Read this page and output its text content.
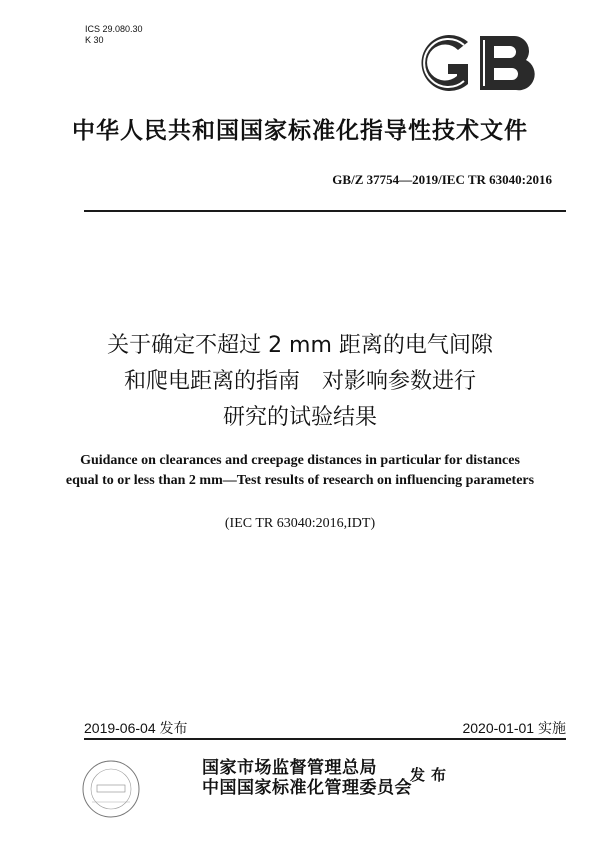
ICS 29.080.30
K 30
中华人民共和国国家标准化指导性技术文件
GB/Z 37754—2019/IEC TR 63040:2016
关于确定不超过 2 mm 距离的电气间隙
和爬电距离的指南　对影响参数进行
研究的试验结果
Guidance on clearances and creepage distances in particular for distances
equal to or less than 2 mm—Test results of research on influencing parameters
(IEC TR 63040:2016,IDT)
2019-06-04 发布	2020-01-01 实施
国家市场监督管理总局
中国国家标准化管理委员会
发布
